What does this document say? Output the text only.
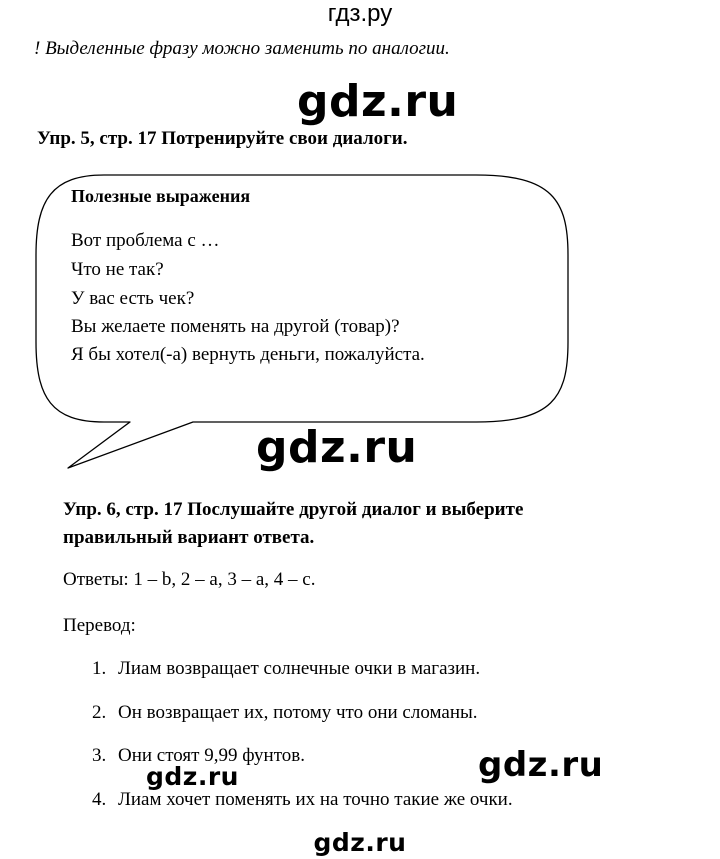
гдз.ру
! Выделенные фразу можно заменить по аналогии.
gdz.ru
Упр. 5, стр. 17 Потренируйте свои диалоги.
Полезные выражения
Вот проблема с …
Что не так?
У вас есть чек?
Вы желаете поменять на другой (товар)?
Я бы хотел(-а) вернуть деньги, пожалуйста.
gdz.ru
Упр. 6, стр. 17 Послушайте другой диалог и выберите
правильный вариант ответа.
Ответы: 1 – b, 2 – a, 3 – a, 4 – c.
Перевод:
1. Лиам возвращает солнечные очки в магазин.
2. Он возвращает их, потому что они сломаны.
3. Они стоят 9,99 фунтов.
4. Лиам хочет поменять их на точно такие же очки.
gdz.ru
gdz.ru
gdz.ru
